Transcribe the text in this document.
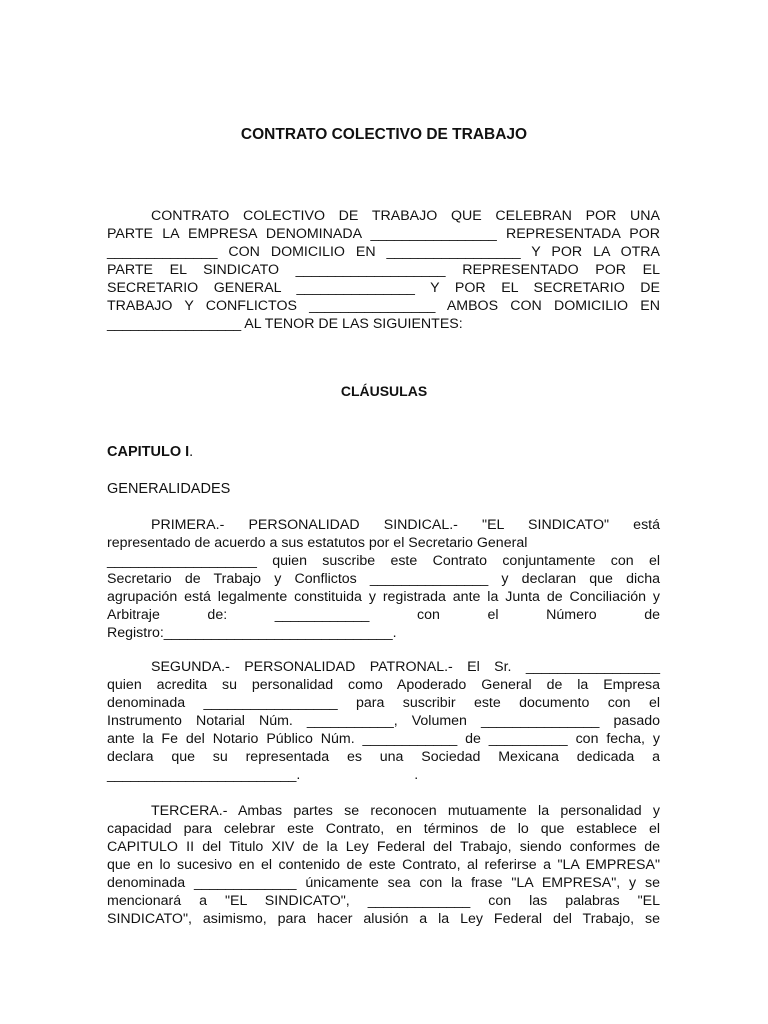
CONTRATO COLECTIVO DE TRABAJO
CONTRATO COLECTIVO DE TRABAJO QUE CELEBRAN POR UNA
PARTE LA EMPRESA DENOMINADA ________________ REPRESENTADA POR
______________ CON DOMICILIO EN _________________ Y POR LA OTRA
PARTE EL SINDICATO ___________________ REPRESENTADO POR EL
SECRETARIO GENERAL _______________ Y POR EL SECRETARIO DE
TRABAJO Y CONFLICTOS ________________ AMBOS CON DOMICILIO EN
_________________ AL TENOR DE LAS SIGUIENTES:
CLÁUSULAS
CAPITULO I.
GENERALIDADES
PRIMERA.- PERSONALIDAD SINDICAL.- "EL SINDICATO" está
representado de acuerdo a sus estatutos por el Secretario General
___________________ quien suscribe este Contrato conjuntamente con el
Secretario de Trabajo y Conflictos _______________ y declaran que dicha
agrupación está legalmente constituida y registrada ante la Junta de Conciliación y
Arbitraje de: ____________ con el Número de
Registro:_____________________________.
SEGUNDA.- PERSONALIDAD PATRONAL.- El Sr. _________________
quien acredita su personalidad como Apoderado General de la Empresa
denominada _________________ para suscribir este documento con el
Instrumento Notarial Núm. ___________, Volumen _______________ pasado
ante la Fe del Notario Público Núm. ____________ de __________ con fecha, y
declara que su representada es una Sociedad Mexicana dedicada a
________________________. .
TERCERA.- Ambas partes se reconocen mutuamente la personalidad y
capacidad para celebrar este Contrato, en términos de lo que establece el
CAPITULO II del Titulo XIV de la Ley Federal del Trabajo, siendo conformes de
que en lo sucesivo en el contenido de este Contrato, al referirse a "LA EMPRESA"
denominada _____________ únicamente sea con la frase "LA EMPRESA", y se
mencionará a "EL SINDICATO", _____________ con las palabras "EL
SINDICATO", asimismo, para hacer alusión a la Ley Federal del Trabajo, se
